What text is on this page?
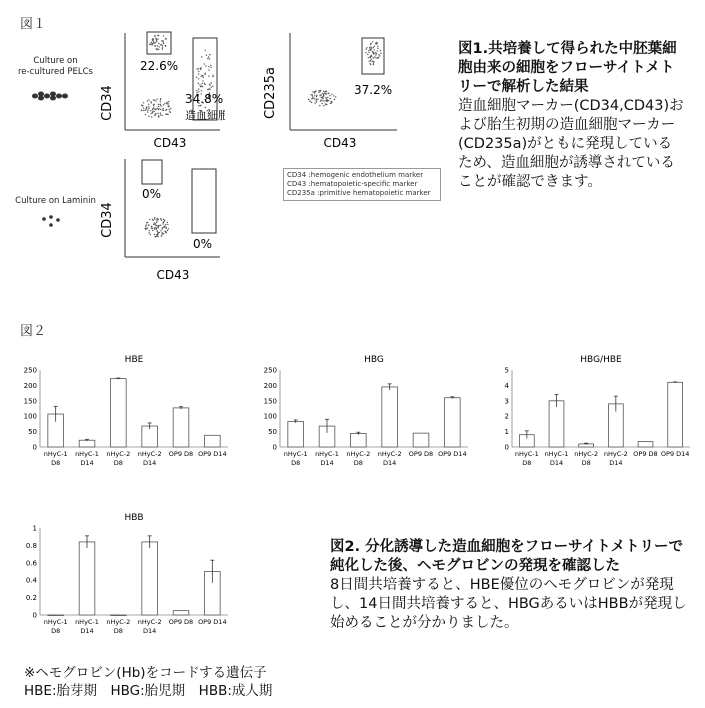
図１
Culture on
re-cultured PELCs
Culture on Laminin
CD34
22.6%
34.8%
造血細胞
CD43
CD235a	37.2%
CD43
CD34
0%
0%
CD43
CD34 :hemogenic endothelium marker
CD43 :hematopoietic-specific marker
CD235a :primitive hematopoietic marker
図1.共培養して得られた中胚葉細胞由来の細胞をフローサイトメトリーで解析した結果
造血細胞マーカー(CD34,CD43)および胎生初期の造血細胞マーカー(CD235a)がともに発現しているため、造血細胞が誘導されていることが確認できます。
図２
HBE
0
50
100
150
200
250
nHyC-1
D8
nHyC-1
D14
nHyC-2
D8
nHyC-2
D14
OP9 D8 OP9 D14
HBG
0
50
100
150
200
250
nHyC-1
D8
nHyC-1
D14
nHyC-2
D8
nHyC-2
D14
OP9 D8 OP9 D14
HBG/HBE
0
1
2
3
4
5
nHyC-1
D8
nHyC-1
D14
nHyC-2
D8
nHyC-2
D14
OP9 D8 OP9 D14
HBB
0
0.2
0.4
0.6
0.8
1
nHyC-1
D8
nHyC-1
D14
nHyC-2
D8
nHyC-2
D14
OP9 D8 OP9 D14
図2. 分化誘導した造血細胞をフローサイトメトリーで純化した後、ヘモグロビンの発現を確認した
8日間共培養すると、HBE優位のヘモグロビンが発現し、14日間共培養すると、HBGあるいはHBBが発現し始めることが分かりました。
※ヘモグロビン(Hb)をコードする遺伝子
HBE:胎芽期　HBG:胎児期　HBB:成人期
